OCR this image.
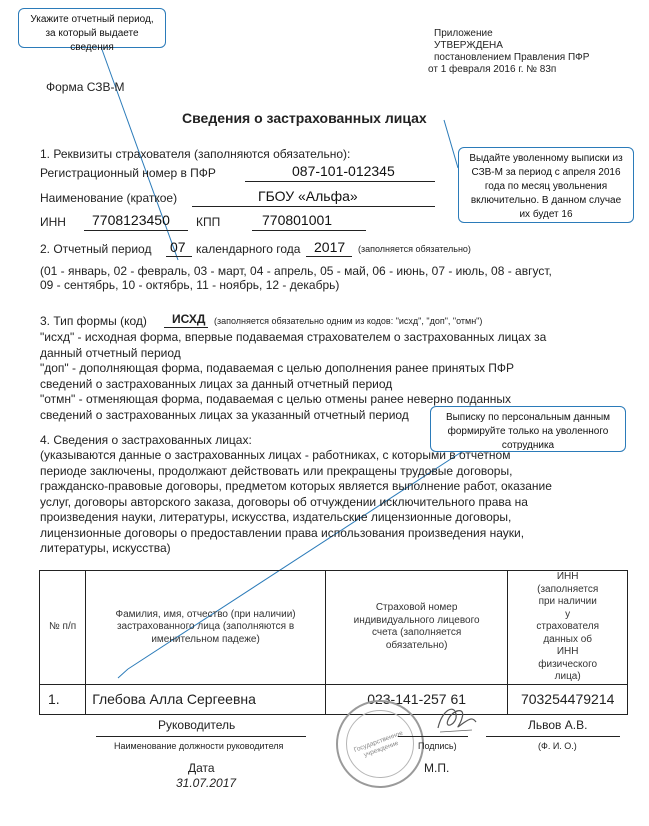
Укажите отчетный период, за который выдаете сведения
Выдайте уволенному выписки из СЗВ-М за период с апреля 2016 года по месяц увольнения включительно. В данном случае их будет 16
Выписку по персональным данным формируйте только на уволенного сотрудника
Приложение
УТВЕРЖДЕНА
постановлением Правления ПФР
от 1 февраля 2016 г. № 83п
Форма СЗВ-М
Сведения о застрахованных лицах
1. Реквизиты страхователя (заполняются обязательно):
Регистрационный номер в ПФР	087-101-012345
Наименование (краткое)	ГБОУ «Альфа»
ИНН 7708123450 КПП	770801001
2. Отчетный период 07 календарного года 2017 (заполняется обязательно)
(01 - январь, 02 - февраль, 03 - март, 04 - апрель, 05 - май, 06 - июнь, 07 - июль, 08 - август,
09 - сентябрь, 10 - октябрь, 11 - ноябрь, 12 - декабрь)
3. Тип формы (код) ИСХД (заполняется обязательно одним из кодов: "исхд", "доп", "отмн")
"исхд" - исходная форма, впервые подаваемая страхователем о застрахованных лицах за
данный отчетный период
"доп" - дополняющая форма, подаваемая с целью дополнения ранее принятых ПФР
сведений о застрахованных лицах за данный отчетный период
"отмн" - отменяющая форма, подаваемая с целью отмены ранее неверно поданных
сведений о застрахованных лицах за указанный отчетный период
4. Сведения о застрахованных лицах:
(указываются данные о застрахованных лицах - работниках, с которыми в отчетном
периоде заключены, продолжают действовать или прекращены трудовые договоры,
гражданско-правовые договоры, предметом которых является выполнение работ, оказание
услуг, договоры авторского заказа, договоры об отчуждении исключительного права на
произведения науки, литературы, искусства, издательские лицензионные договоры,
лицензионные договоры о предоставлении права использования произведения науки,
литературы, искусства)
№ п/п	Фамилия, имя, отчество (при наличии) застрахованного лица (заполняются в именительном падеже)	Страховой номер индивидуального лицевого счета (заполняется обязательно)	ИНН (заполняется при наличии у страхователя данных об ИНН физического лица)
1.	Глебова Алла Сергеевна	023-141-257 61	703254479214
Руководитель
Наименование должности руководителя	Государственное учреждение	Подпись)
Львов А.В.
(Ф. И. О.)
Дата
31.07.2017
М.П.
